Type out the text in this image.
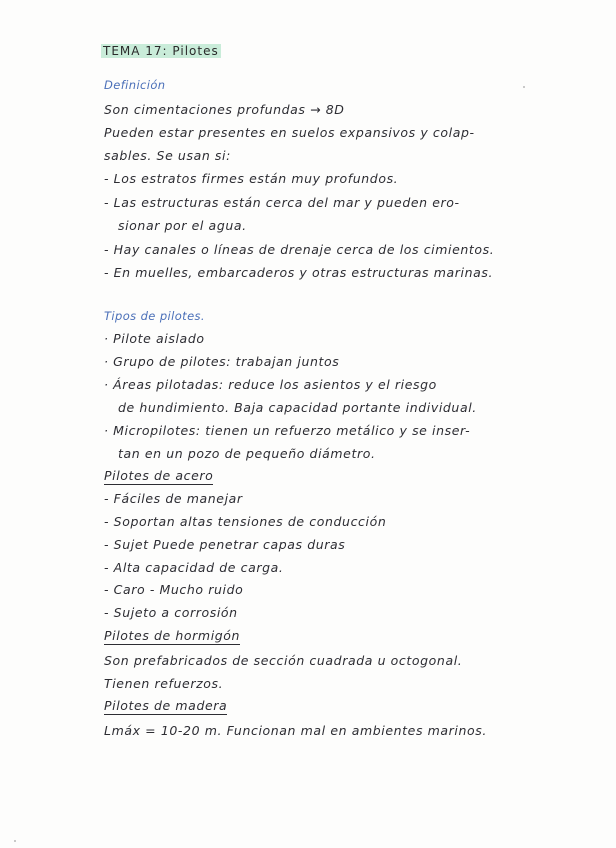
TEMA 17: Pilotes
Definición
Son cimentaciones profundas → 8D
Pueden estar presentes en suelos expansivos y colap-
sables. Se usan si:
- Los estratos firmes están muy profundos.
- Las estructuras están cerca del mar y pueden ero-
sionar por el agua.
- Hay canales o líneas de drenaje cerca de los cimientos.
- En muelles, embarcaderos y otras estructuras marinas.
Tipos de pilotes.
· Pilote aislado
· Grupo de pilotes: trabajan juntos
· Áreas pilotadas: reduce los asientos y el riesgo
de hundimiento. Baja capacidad portante individual.
· Micropilotes: tienen un refuerzo metálico y se inser-
tan en un pozo de pequeño diámetro.
Pilotes de acero
- Fáciles de manejar
- Soportan altas tensiones de conducción
- Sujet Puede penetrar capas duras
- Alta capacidad de carga.
- Caro - Mucho ruido
- Sujeto a corrosión
Pilotes de hormigón
Son prefabricados de sección cuadrada u octogonal.
Tienen refuerzos.
Pilotes de madera
Lmáx = 10-20 m. Funcionan mal en ambientes marinos.
